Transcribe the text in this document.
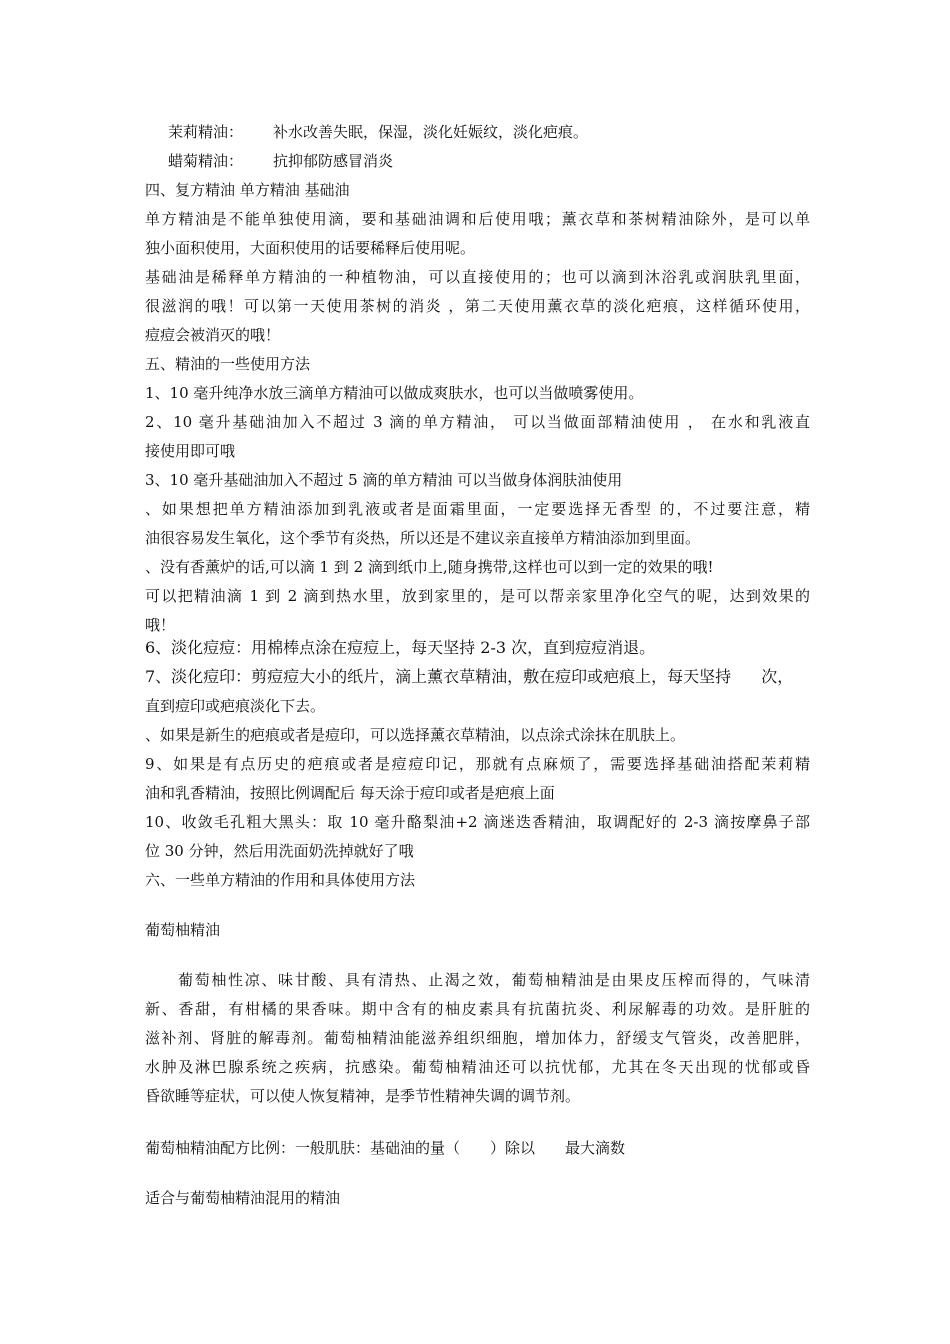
茉莉精油： 补水改善失眠，保湿，淡化妊娠纹，淡化疤痕。
蜡菊精油： 抗抑郁防感冒消炎
四、复方精油 单方精油 基础油
单方精油是不能单独使用滴，要和基础油调和后使用哦；薰衣草和茶树精油除外，是可以单
独小面积使用，大面积使用的话要稀释后使用呢。
基础油是稀释单方精油的一种植物油，可以直接使用的；也可以滴到沐浴乳或润肤乳里面，
很滋润的哦！可以第一天使用茶树的消炎 ，第二天使用薰衣草的淡化疤痕，这样循环使用，
痘痘会被消灭的哦！
五、精油的一些使用方法
1、10 毫升纯净水放三滴单方精油可以做成爽肤水，也可以当做喷雾使用。
2、10 毫升基础油加入不超过 3 滴的单方精油， 可以当做面部精油使用 ， 在水和乳液直
接使用即可哦
3、10 毫升基础油加入不超过 5 滴的单方精油 可以当做身体润肤油使用
、如果想把单方精油添加到乳液或者是面霜里面，一定要选择无香型 的，不过要注意，精
油很容易发生氧化，这个季节有炎热，所以还是不建议亲直接单方精油添加到里面。
、没有香薰炉的话,可以滴 1 到 2 滴到纸巾上,随身携带,这样也可以到一定的效果的哦!
可以把精油滴 1 到 2 滴到热水里，放到家里的，是可以帮亲家里净化空气的呢，达到效果的
哦！
6、淡化痘痘：用棉棒点涂在痘痘上，每天坚持 2-3 次，直到痘痘消退。
7、淡化痘印：剪痘痘大小的纸片，滴上薰衣草精油，敷在痘印或疤痕上，每天坚持 次，
直到痘印或疤痕淡化下去。
、如果是新生的疤痕或者是痘印，可以选择薰衣草精油，以点涂式涂抹在肌肤上。
9、如果是有点历史的疤痕或者是痘痘印记，那就有点麻烦了，需要选择基础油搭配茉莉精
油和乳香精油，按照比例调配后 每天涂于痘印或者是疤痕上面
10、收敛毛孔粗大黑头：取 10 毫升酪梨油+2 滴迷迭香精油，取调配好的 2-3 滴按摩鼻子部
位 30 分钟，然后用洗面奶洗掉就好了哦
六、一些单方精油的作用和具体使用方法
葡萄柚精油
葡萄柚性凉、味甘酸、具有清热、止渴之效，葡萄柚精油是由果皮压榨而得的，气味清
新、香甜，有柑橘的果香味。期中含有的柚皮素具有抗菌抗炎、利尿解毒的功效。是肝脏的
滋补剂、肾脏的解毒剂。葡萄柚精油能滋养组织细胞，增加体力，舒缓支气管炎，改善肥胖，
水肿及淋巴腺系统之疾病，抗感染。葡萄柚精油还可以抗忧郁，尤其在冬天出现的忧郁或昏
昏欲睡等症状，可以使人恢复精神，是季节性精神失调的调节剂。
葡萄柚精油配方比例：一般肌肤：基础油的量（ ）除以 最大滴数
适合与葡萄柚精油混用的精油
